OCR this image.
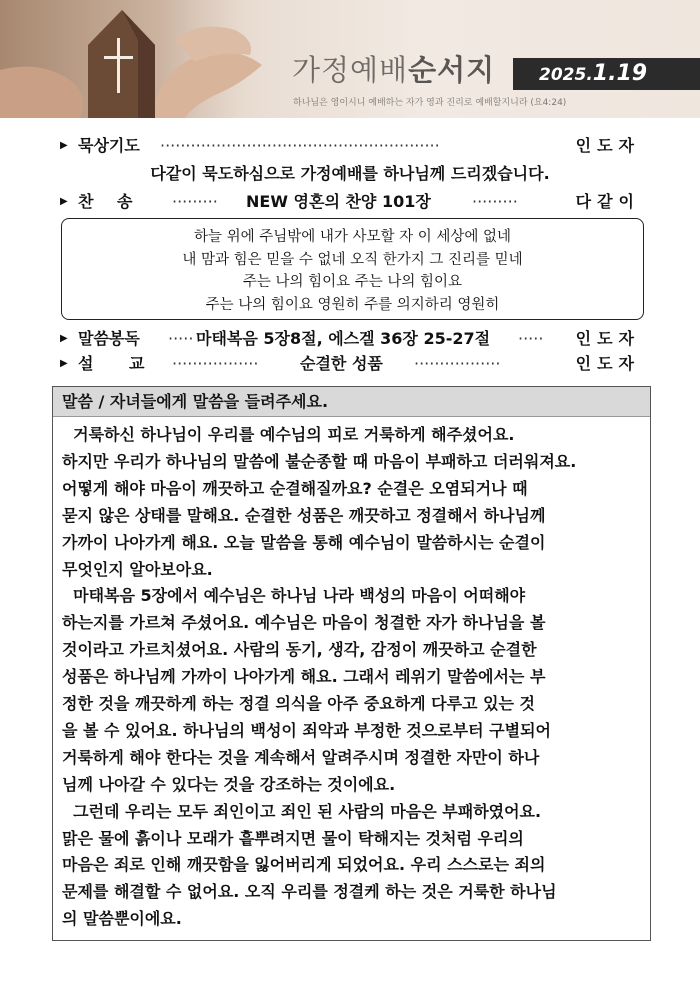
가정예배순서지	2025.1.19
하나님은 영이시니 예배하는 자가 영과 진리로 예배할지니라 (요4:24)
▶ 묵상기도 ·······················································	인도자
다같이 묵도하심으로 가정예배를 하나님께 드리겠습니다.
▶ 찬 송 ········· NEW 영혼의 찬양 101장	·········	다같이
하늘 위에 주님밖에 내가 사모할 자 이 세상에 없네
내 맘과 힘은 믿을 수 없네 오직 한가지 그 진리를 믿네
주는 나의 힘이요 주는 나의 힘이요
주는 나의 힘이요 영원히 주를 의지하리 영원히
▶ 말씀봉독 ····· 마태복음 5장8절, 에스겔 36장 25-27절 ····· 인도자
▶ 설 교 ·················	순결한 성품 ·················	인도자
말씀 / 자녀들에게 말씀을 들려주세요.
거룩하신 하나님이 우리를 예수님의 피로 거룩하게 해주셨어요.
하지만 우리가 하나님의 말씀에 불순종할 때 마음이 부패하고 더러워져요.
어떻게 해야 마음이 깨끗하고 순결해질까요? 순결은 오염되거나 때
묻지 않은 상태를 말해요. 순결한 성품은 깨끗하고 정결해서 하나님께
가까이 나아가게 해요. 오늘 말씀을 통해 예수님이 말씀하시는 순결이
무엇인지 알아보아요.
마태복음 5장에서 예수님은 하나님 나라 백성의 마음이 어떠해야
하는지를 가르쳐 주셨어요. 예수님은 마음이 청결한 자가 하나님을 볼
것이라고 가르치셨어요. 사람의 동기, 생각, 감정이 깨끗하고 순결한
성품은 하나님께 가까이 나아가게 해요. 그래서 레위기 말씀에서는 부
정한 것을 깨끗하게 하는 정결 의식을 아주 중요하게 다루고 있는 것
을 볼 수 있어요. 하나님의 백성이 죄악과 부정한 것으로부터 구별되어
거룩하게 해야 한다는 것을 계속해서 알려주시며 정결한 자만이 하나
님께 나아갈 수 있다는 것을 강조하는 것이에요.
그런데 우리는 모두 죄인이고 죄인 된 사람의 마음은 부패하였어요.
맑은 물에 흙이나 모래가 흩뿌려지면 물이 탁해지는 것처럼 우리의
마음은 죄로 인해 깨끗함을 잃어버리게 되었어요. 우리 스스로는 죄의
문제를 해결할 수 없어요. 오직 우리를 정결케 하는 것은 거룩한 하나님
의 말씀뿐이에요.
